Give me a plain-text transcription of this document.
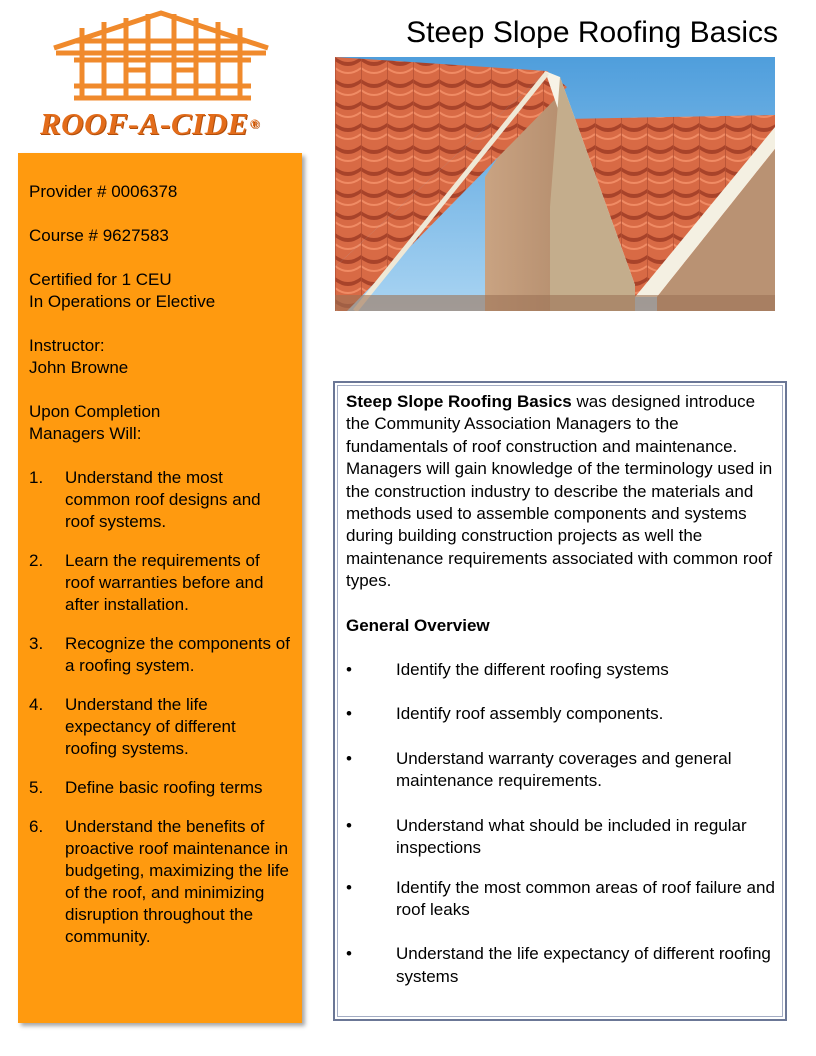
ROOF-A-CIDE®
Steep Slope Roofing Basics

Provider # 0006378

Course # 9627583

Certified for 1 CEU
In Operations or Elective

Instructor:
John Browne

Upon Completion
Managers Will:

1. Understand the most common roof designs and roof systems.
2. Learn the requirements of roof warranties before and after installation.
3. Recognize the components of a roofing system.
4. Understand the life expectancy of different roofing systems.
5. Define basic roofing terms
6. Understand the benefits of proactive roof maintenance in budgeting, maximizing the life of the roof, and minimizing disruption throughout the community.

Steep Slope Roofing Basics was designed introduce the Community Association Managers to the fundamentals of roof construction and maintenance. Managers will gain knowledge of the terminology used in the construction industry to describe the materials and methods used to assemble components and systems during building construction projects as well the maintenance requirements associated with common roof types.

General Overview
•	Identify the different roofing systems
•	Identify roof assembly components.
•	Understand warranty coverages and general maintenance requirements.
•	Understand what should be included in regular inspections
•	Identify the most common areas of roof failure and roof leaks
•	Understand the life expectancy of different roofing systems
